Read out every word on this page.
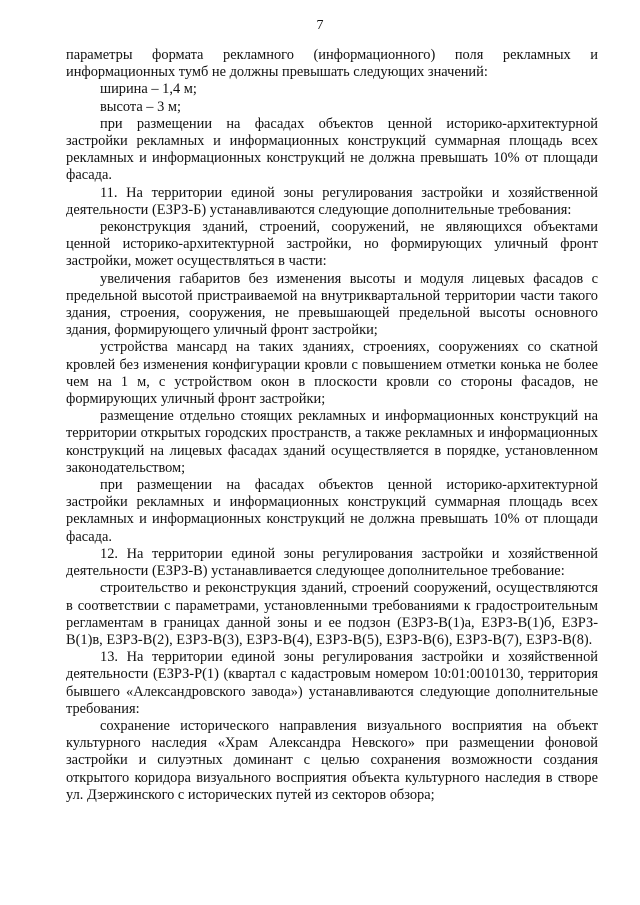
7

параметры формата рекламного (информационного) поля рекламных и информационных тумб не должны превышать следующих значений:

ширина – 1,4 м;

высота – 3 м;

при размещении на фасадах объектов ценной историко-архитектурной застройки рекламных и информационных конструкций суммарная площадь всех рекламных и информационных конструкций не должна превышать 10% от площади фасада.

11. На территории единой зоны регулирования застройки и хозяйственной деятельности (ЕЗРЗ-Б) устанавливаются следующие дополнительные требования:

реконструкция зданий, строений, сооружений, не являющихся объектами ценной историко-архитектурной застройки, но формирующих уличный фронт застройки, может осуществляться в части:

увеличения габаритов без изменения высоты и модуля лицевых фасадов с предельной высотой пристраиваемой на внутриквартальной территории части такого здания, строения, сооружения, не превышающей предельной высоты основного здания, формирующего уличный фронт застройки;

устройства мансард на таких зданиях, строениях, сооружениях со скатной кровлей без изменения конфигурации кровли с повышением отметки конька не более чем на 1 м, с устройством окон в плоскости кровли со стороны фасадов, не формирующих уличный фронт застройки;

размещение отдельно стоящих рекламных и информационных конструкций на территории открытых городских пространств, а также рекламных и информационных конструкций на лицевых фасадах зданий осуществляется в порядке, установленном законодательством;

при размещении на фасадах объектов ценной историко-архитектурной застройки рекламных и информационных конструкций суммарная площадь всех рекламных и информационных конструкций не должна превышать 10% от площади фасада.

12. На территории единой зоны регулирования застройки и хозяйственной деятельности (ЕЗРЗ-В) устанавливается следующее дополнительное требование:

строительство и реконструкция зданий, строений сооружений, осуществляются в соответствии с параметрами, установленными требованиями к градостроительным регламентам в границах данной зоны и ее подзон (ЕЗРЗ-В(1)а, ЕЗРЗ-В(1)б, ЕЗРЗ-В(1)в, ЕЗРЗ-В(2), ЕЗРЗ-В(3), ЕЗРЗ-В(4), ЕЗРЗ-В(5), ЕЗРЗ-В(6), ЕЗРЗ-В(7), ЕЗРЗ-В(8).

13. На территории единой зоны регулирования застройки и хозяйственной деятельности (ЕЗРЗ-Р(1) (квартал с кадастровым номером 10:01:0010130, территория бывшего «Александровского завода») устанавливаются следующие дополнительные требования:

сохранение исторического направления визуального восприятия на объект культурного наследия «Храм Александра Невского» при размещении фоновой застройки и силуэтных доминант с целью сохранения возможности создания открытого коридора визуального восприятия объекта культурного наследия в створе ул. Дзержинского с исторических путей из секторов обзора;
